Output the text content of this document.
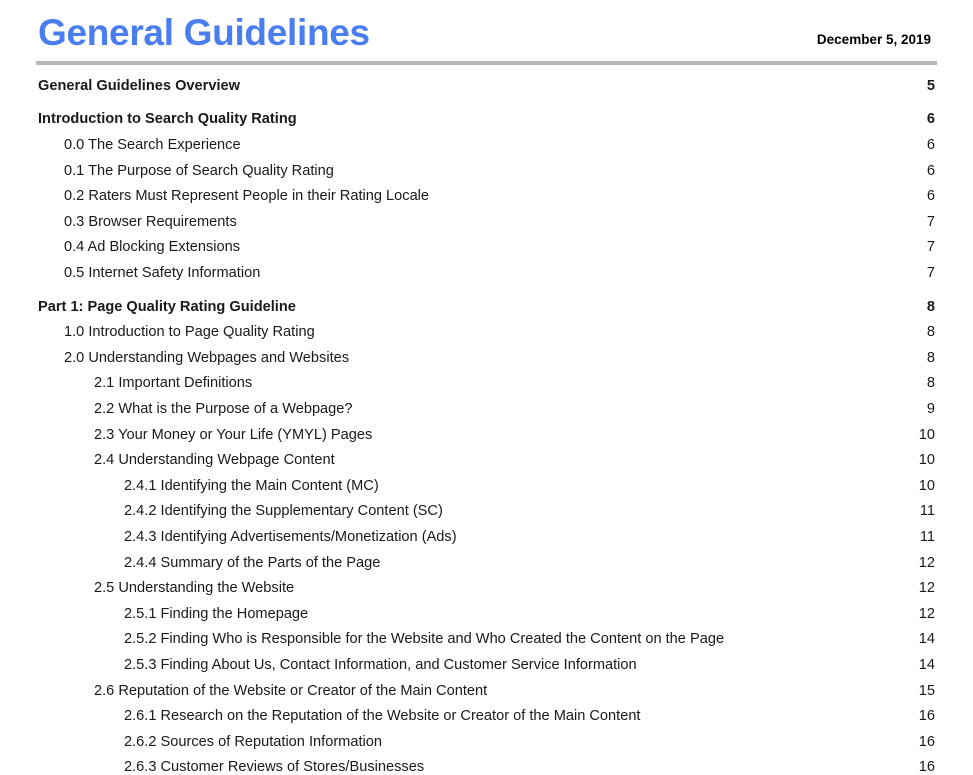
General Guidelines	December 5, 2019
General Guidelines Overview	5
Introduction to Search Quality Rating	6
0.0 The Search Experience	6
0.1 The Purpose of Search Quality Rating	6
0.2 Raters Must Represent People in their Rating Locale	6
0.3 Browser Requirements	7
0.4 Ad Blocking Extensions	7
0.5 Internet Safety Information	7
Part 1: Page Quality Rating Guideline	8
1.0 Introduction to Page Quality Rating	8
2.0 Understanding Webpages and Websites	8
2.1 Important Definitions	8
2.2 What is the Purpose of a Webpage?	9
2.3 Your Money or Your Life (YMYL) Pages	10
2.4 Understanding Webpage Content	10
2.4.1 Identifying the Main Content (MC)	10
2.4.2 Identifying the Supplementary Content (SC)	11
2.4.3 Identifying Advertisements/Monetization (Ads)	11
2.4.4 Summary of the Parts of the Page	12
2.5 Understanding the Website	12
2.5.1 Finding the Homepage	12
2.5.2 Finding Who is Responsible for the Website and Who Created the Content on the Page	14
2.5.3 Finding About Us, Contact Information, and Customer Service Information	14
2.6 Reputation of the Website or Creator of the Main Content	15
2.6.1 Research on the Reputation of the Website or Creator of the Main Content	16
2.6.2 Sources of Reputation Information	16
2.6.3 Customer Reviews of Stores/Businesses	16
